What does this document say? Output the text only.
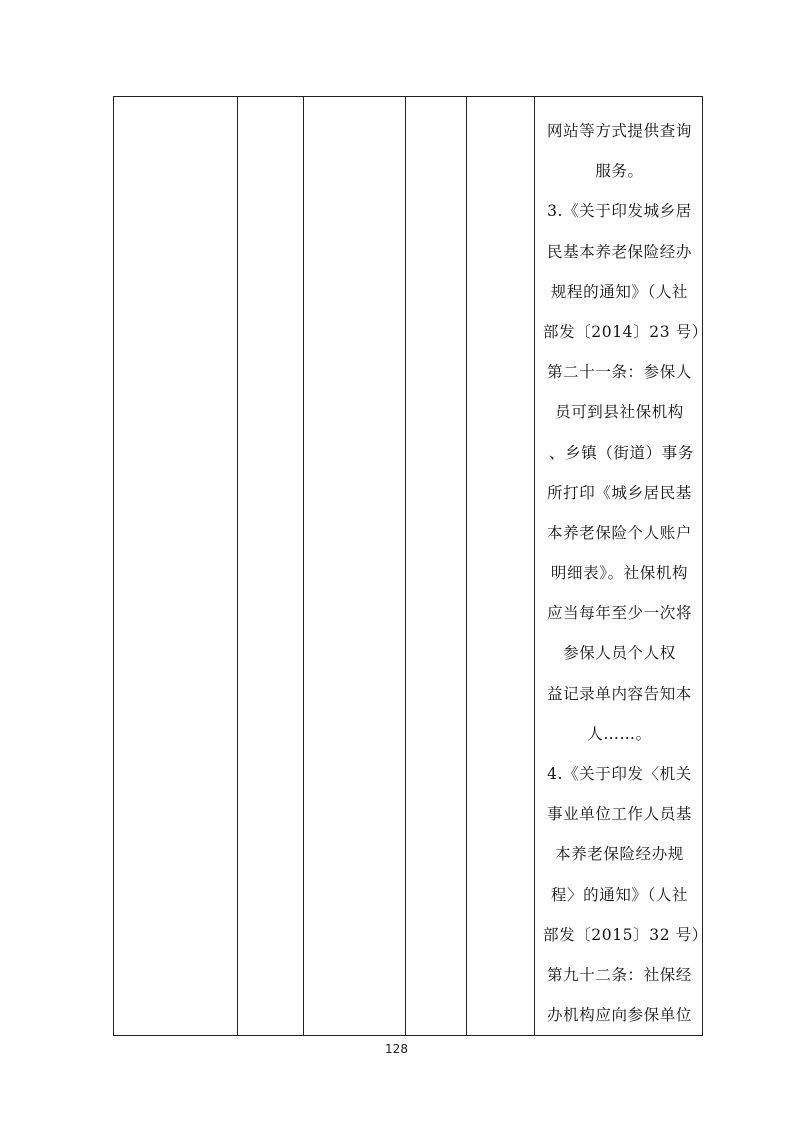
网站等方式提供查询
服务。
3.《关于印发城乡居
民基本养老保险经办
规程的通知》（人社
部发〔2014〕23 号）
第二十一条：参保人
员可到县社保机构
、乡镇（街道）事务
所打印《城乡居民基
本养老保险个人账户
明细表》。社保机构
应当每年至少一次将
参保人员个人权
益记录单内容告知本
人……。
4.《关于印发〈机关
事业单位工作人员基
本养老保险经办规
程〉的通知》（人社
部发〔2015〕32 号）
第九十二条：社保经
办机构应向参保单位
128
